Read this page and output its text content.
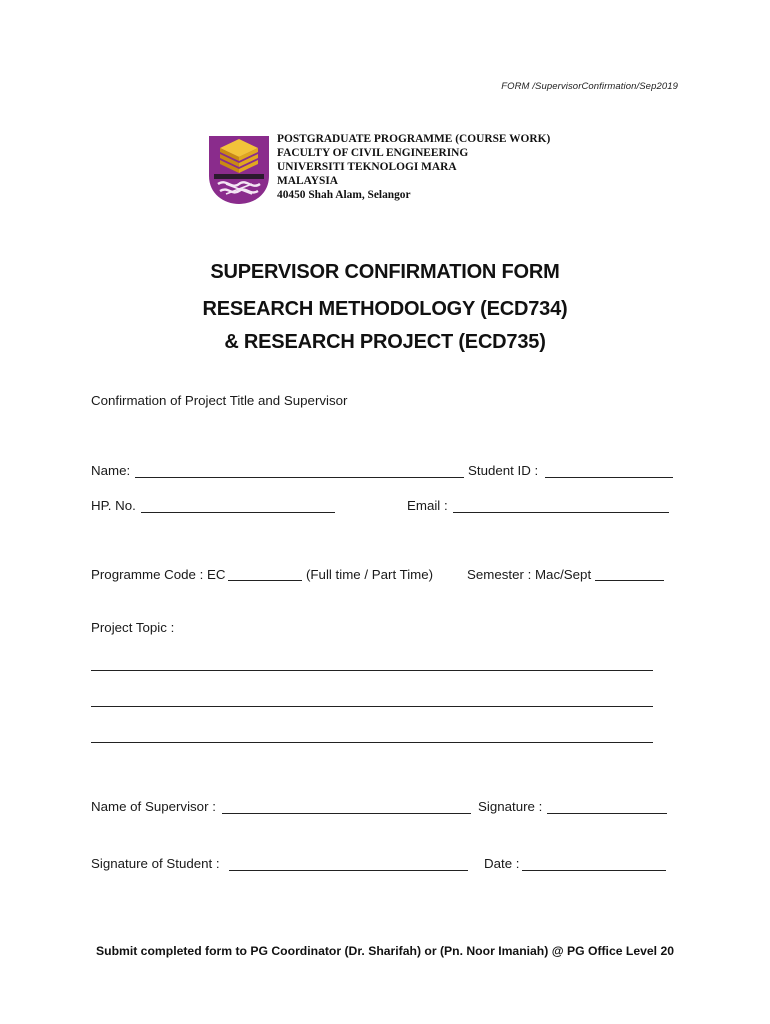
FORM /SupervisorConfirmation/Sep2019
POSTGRADUATE PROGRAMME (COURSE WORK)
FACULTY OF CIVIL ENGINEERING
UNIVERSITI TEKNOLOGI MARA
MALAYSIA
40450 Shah Alam, Selangor
SUPERVISOR CONFIRMATION FORM
RESEARCH METHODOLOGY (ECD734)
& RESEARCH PROJECT (ECD735)
Confirmation of Project Title and Supervisor
Name:	Student ID :
HP. No.	Email :
Programme Code : EC	(Full time / Part Time)	Semester : Mac/Sept
Project Topic :
Name of Supervisor :	Signature :
Signature of Student :	Date :
Submit completed form to PG Coordinator (Dr. Sharifah) or (Pn. Noor Imaniah) @ PG Office Level 20
